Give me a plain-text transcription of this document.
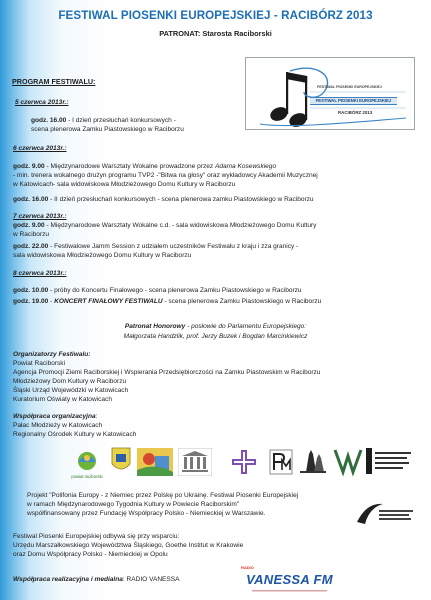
FESTIWAL PIOSENKI EUROPEJSKIEJ - RACIBÓRZ 2013
PATRONAT: Starosta Raciborski
FESTIWAL PIOSENKI EUROPEJSKIEJ
FESTIWAL PIOSENKI EUROPEJSKIEJ
RACIBÓRZ 2013
PROGRAM FESTIWALU:
5 czerwca 2013r.:
godz. 16.00 - I dzień przesłuchań konkursowych -
scena plenerowa Zamku Piastowskiego w Raciborzu
6 czerwca 2013r.:
godz. 9.00 - Międzynarodowe Warsztaty Wokalne prowadzone przez Adama Kosewskiego
- min. trenera wokalnego drużyn programu TVP2 -"Bitwa na głosy" oraz wykładowcy Akademii Muzycznej
w Katowicach- sala widowiskowa Młodzieżowego Domu Kultury w Raciborzu
godz. 16.00 - II dzień przesłuchań konkursowych - scena plenerowa zamku Piastowskiego w Raciborzu
7 czerwca 2013r.:
godz. 9.00 - Międzynarodowe Warsztaty Wokalne c.d. - sala widowiskowa Młodzieżowego Domu Kultury
w Raciborzu
godz. 22.00 - Festiwalowe Jamm Session z udziałem uczestników Festiwalu z kraju i zza granicy -
sala widowiskowa Młodzieżowego Domu Kultury w Raciborzu
8 czerwca 2013r.:
godz. 10.00 - próby do Koncertu Finałowego - scena plenerowa Zamku Piastowskiego w Raciborzu
godz. 19.00 - KONCERT FINAŁOWY FESTIWALU - scena plenerowa Zamku Piastowskiego w Raciborzu
Patronat Honorowy - posłowie do Parlamentu Europejskiego:
Małgorzata Handzlik, prof. Jerzy Buzek i Bogdan Marcinkiewicz
Organizatorzy Festiwalu:
Powiat Raciborski
Agencja Promocji Ziemi Raciborskiej i Wspierania Przedsiębiorczości na Zamku Piastowskim w Raciborzu
Młodzieżowy Dom Kultury w Raciborzu
Śląski Urząd Wojewódzki w Katowicach
Kuratorium Oświaty w Katowicach
Współpraca organizacyjna:
Pałac Młodzieży w Katowicach
Regionalny Ośrodek Kultury w Katowicach
powiat raciborski
Projekt "Polifonia Europy - z Niemiec przez Polskę po Ukrainę. Festiwal Piosenki Europejskiej
w ramach Międzynarodowego Tygodnia Kultury w Powiecie Raciborskim"
współfinansowany przez Fundację Współpracy Polsko - Niemieckiej w Warszawie.
Festiwal Piosenki Europejskiej odbywa się przy wsparciu:
Urzędu Marszałkowskiego Województwa Śląskiego, Goethe Institut w Krakowie
oraz Domu Współpracy Polsko - Niemieckiej w Opolu
Współpraca realizacyjna i medialna: RADIO VANESSA
RADIO
VANESSA FM
